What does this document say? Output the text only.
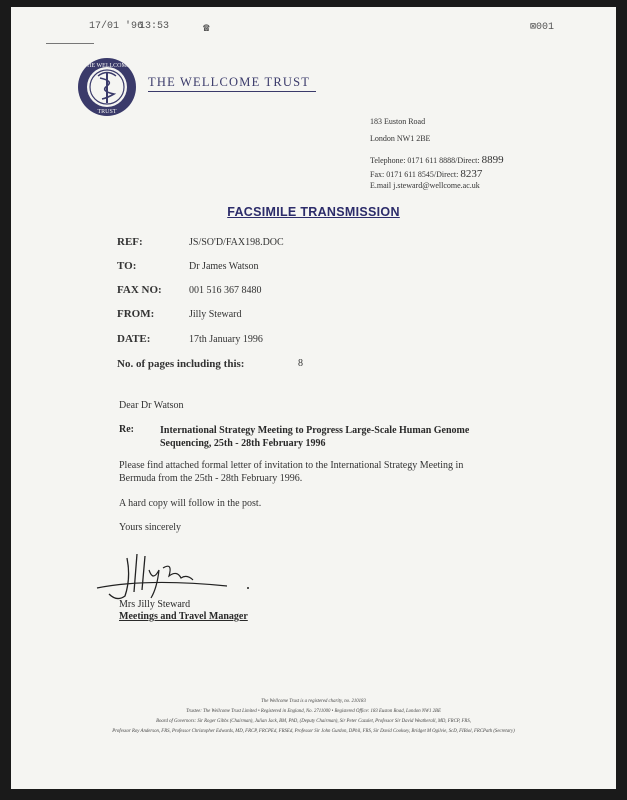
17/01 '96
13:53	☎	⊠001
THE WELLCOME
TRUST
THE WELLCOME TRUST
183 Euston Road
London NW1 2BE
Telephone: 0171 611 8888/Direct: 8899
Fax: 0171 611 8545/Direct: 8237
E.mail j.steward@wellcome.ac.uk
FACSIMILE TRANSMISSION
REF:	JS/SO'D/FAX198.DOC
TO:	Dr James Watson
FAX NO:	001 516 367 8480
FROM:	Jilly Steward
DATE:	17th January 1996
No. of pages including this:	8
Dear Dr Watson
Re:	International Strategy Meeting to Progress Large-Scale Human Genome Sequencing, 25th - 28th February 1996
Please find attached formal letter of invitation to the International Strategy Meeting in Bermuda from the 25th - 28th February 1996.
A hard copy will follow in the post.
Yours sincerely
Mrs Jilly Steward
Meetings and Travel Manager
The Wellcome Trust is a registered charity, no. 210183
Trustee: The Wellcome Trust Limited • Registered in England, No. 2711000 • Registered Office: 183 Euston Road, London NW1 2BE
Board of Governors: Sir Roger Gibbs (Chairman), Julian Jack, BM, PhD, (Deputy Chairman), Sir Peter Cazalet, Professor Sir David Weatherall, MD, FRCP, FRS,
Professor Roy Anderson, FRS, Professor Christopher Edwards, MD, FRCP, FRCPEd, FRSEd, Professor Sir John Gurdon, DPhil, FRS, Sir David Cooksey, Bridget M Ogilvie, ScD, FIBiol, FRCPath (Secretary)
